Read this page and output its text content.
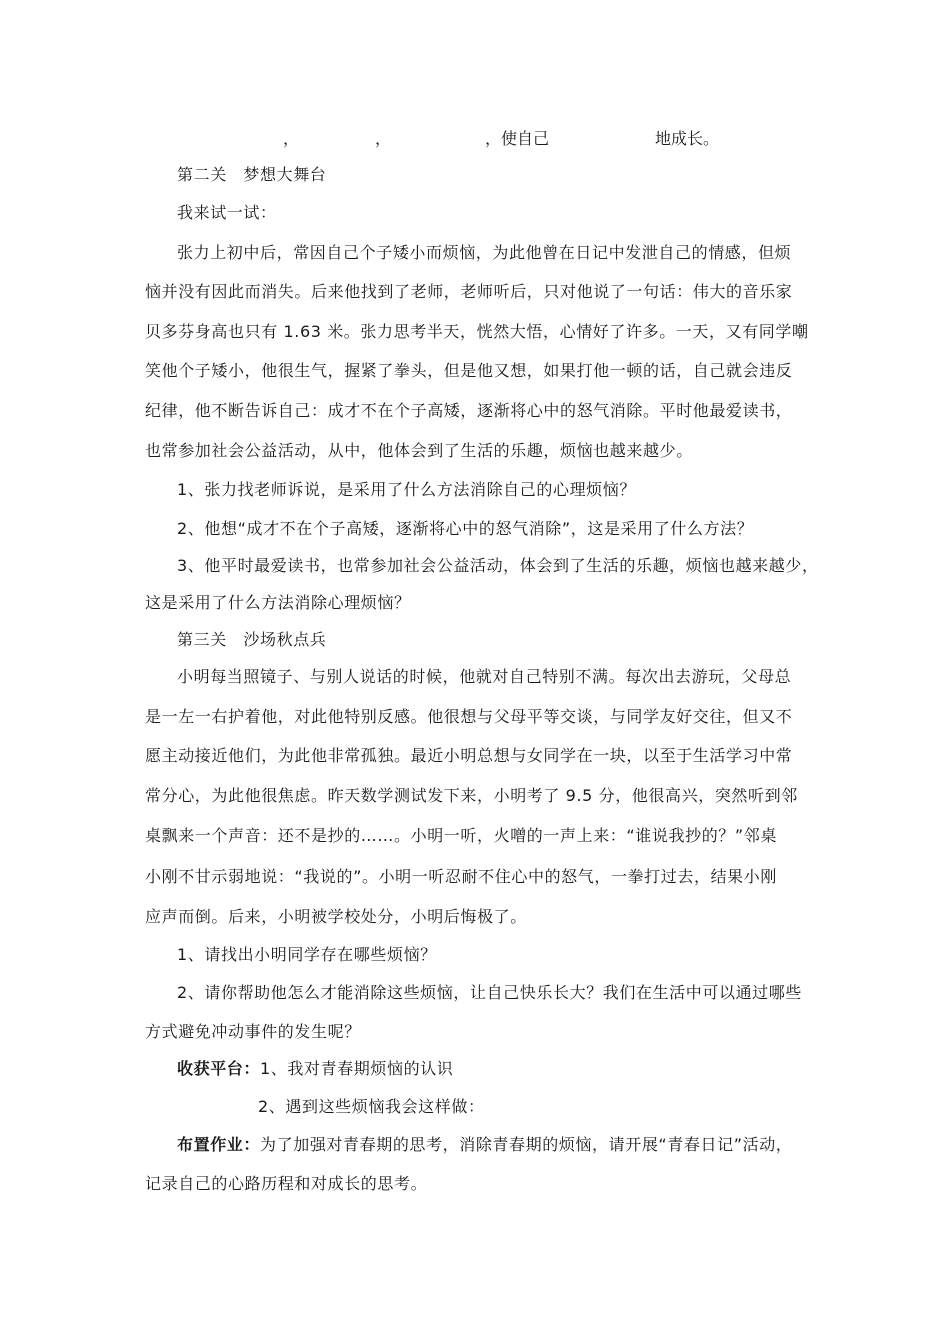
，	，	，使自己	地成长。
第二关　梦想大舞台
我来试一试：
张力上初中后，常因自己个子矮小而烦恼，为此他曾在日记中发泄自己的情感，但烦
恼并没有因此而消失。后来他找到了老师，老师听后，只对他说了一句话：伟大的音乐家
贝多芬身高也只有 1.63 米。张力思考半天，恍然大悟，心情好了许多。一天，又有同学嘲
笑他个子矮小，他很生气，握紧了拳头，但是他又想，如果打他一顿的话，自己就会违反
纪律，他不断告诉自己：成才不在个子高矮，逐渐将心中的怒气消除。平时他最爱读书，
也常参加社会公益活动，从中，他体会到了生活的乐趣，烦恼也越来越少。
1、张力找老师诉说，是采用了什么方法消除自己的心理烦恼？
2、他想“成才不在个子高矮，逐渐将心中的怒气消除”，这是采用了什么方法？
3、他平时最爱读书，也常参加社会公益活动，体会到了生活的乐趣，烦恼也越来越少，
这是采用了什么方法消除心理烦恼？
第三关　沙场秋点兵
小明每当照镜子、与别人说话的时候，他就对自己特别不满。每次出去游玩，父母总
是一左一右护着他，对此他特别反感。他很想与父母平等交谈，与同学友好交往，但又不
愿主动接近他们，为此他非常孤独。最近小明总想与女同学在一块，以至于生活学习中常
常分心，为此他很焦虑。昨天数学测试发下来，小明考了 9.5 分，他很高兴，突然听到邻
桌飘来一个声音：还不是抄的……。小明一听，火噌的一声上来：“谁说我抄的？”邻桌
小刚不甘示弱地说：“我说的”。小明一听忍耐不住心中的怒气，一拳打过去，结果小刚
应声而倒。后来，小明被学校处分，小明后悔极了。
1、请找出小明同学存在哪些烦恼？
2、请你帮助他怎么才能消除这些烦恼，让自己快乐长大？我们在生活中可以通过哪些
方式避免冲动事件的发生呢？
收获平台：1、我对青春期烦恼的认识
2、遇到这些烦恼我会这样做：
布置作业：为了加强对青春期的思考，消除青春期的烦恼，请开展“青春日记”活动，
记录自己的心路历程和对成长的思考。
